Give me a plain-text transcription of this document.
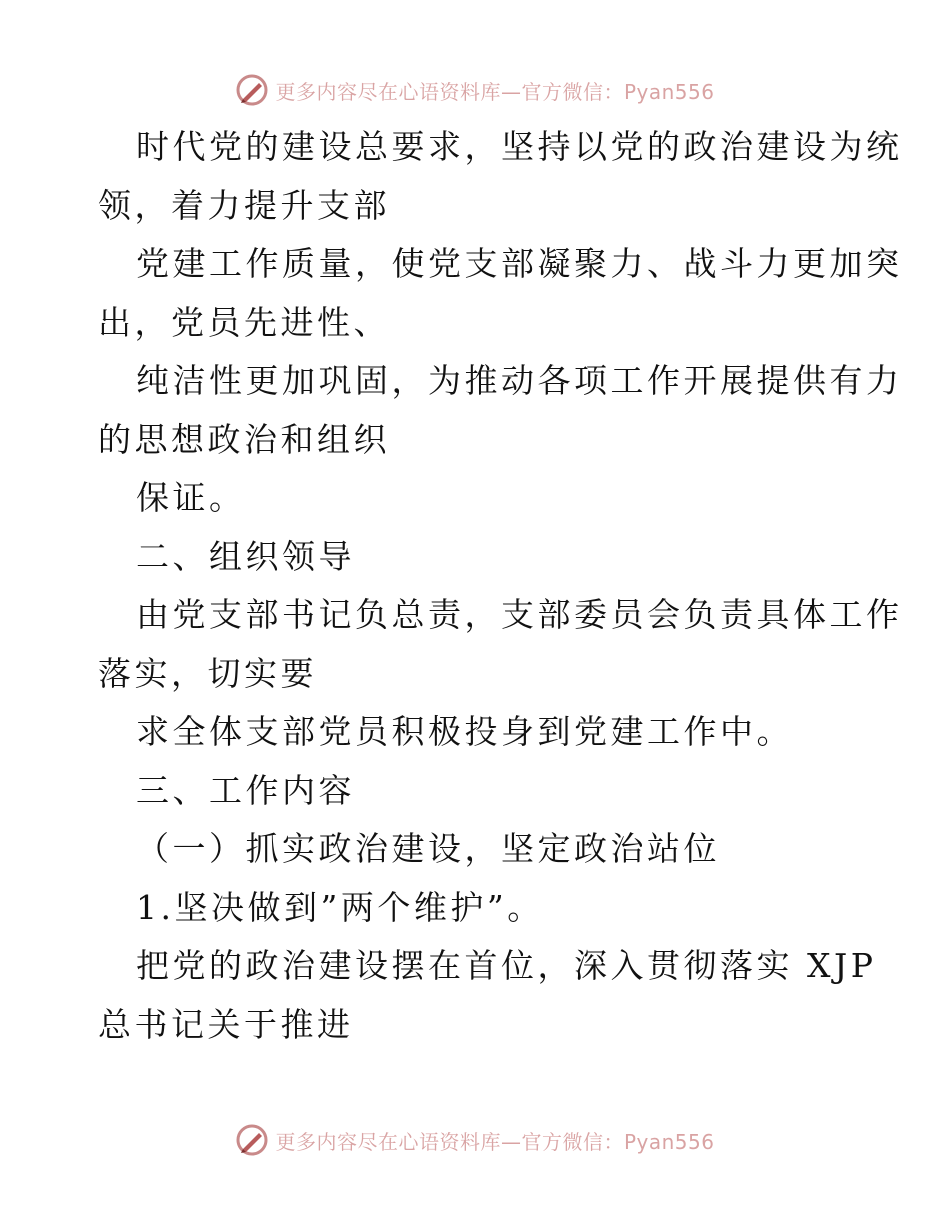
更多内容尽在心语资料库—官方微信：Pyan556
时代党的建设总要求，坚持以党的政治建设为统
领，着力提升支部
党建工作质量，使党支部凝聚力、战斗力更加突
出，党员先进性、
纯洁性更加巩固，为推动各项工作开展提供有力
的思想政治和组织
保证。
二、组织领导
由党支部书记负总责，支部委员会负责具体工作
落实，切实要
求全体支部党员积极投身到党建工作中。
三、工作内容
（一）抓实政治建设，坚定政治站位
1.坚决做到”两个维护”。
把党的政治建设摆在首位，深入贯彻落实 XJP
总书记关于推进
更多内容尽在心语资料库—官方微信：Pyan556
